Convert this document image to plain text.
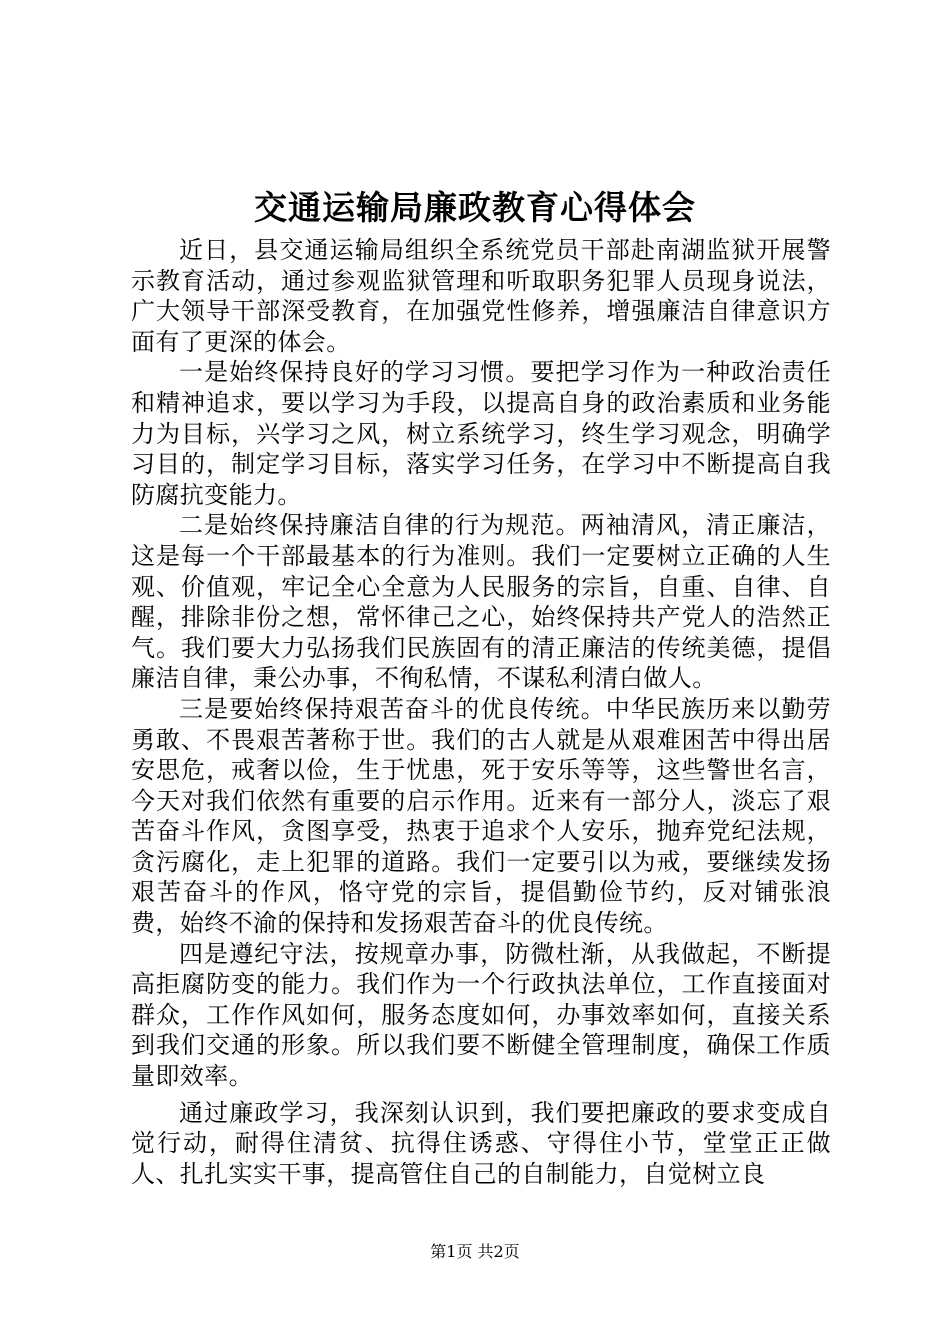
交通运输局廉政教育心得体会

近日，县交通运输局组织全系统党员干部赴南湖监狱开展警示教育活动，通过参观监狱管理和听取职务犯罪人员现身说法，广大领导干部深受教育，在加强党性修养，增强廉洁自律意识方面有了更深的体会。

一是始终保持良好的学习习惯。要把学习作为一种政治责任和精神追求，要以学习为手段，以提高自身的政治素质和业务能力为目标，兴学习之风，树立系统学习，终生学习观念，明确学习目的，制定学习目标，落实学习任务，在学习中不断提高自我防腐抗变能力。

二是始终保持廉洁自律的行为规范。两袖清风，清正廉洁，这是每一个干部最基本的行为准则。我们一定要树立正确的人生观、价值观，牢记全心全意为人民服务的宗旨，自重、自律、自醒，排除非份之想，常怀律己之心，始终保持共产党人的浩然正气。我们要大力弘扬我们民族固有的清正廉洁的传统美德，提倡廉洁自律，秉公办事，不徇私情，不谋私利清白做人。

三是要始终保持艰苦奋斗的优良传统。中华民族历来以勤劳勇敢、不畏艰苦著称于世。我们的古人就是从艰难困苦中得出居安思危，戒奢以俭，生于忧患，死于安乐等等，这些警世名言，今天对我们依然有重要的启示作用。近来有一部分人，淡忘了艰苦奋斗作风，贪图享受，热衷于追求个人安乐，抛弃党纪法规，贪污腐化，走上犯罪的道路。我们一定要引以为戒，要继续发扬艰苦奋斗的作风，恪守党的宗旨，提倡勤俭节约，反对铺张浪费，始终不渝的保持和发扬艰苦奋斗的优良传统。

四是遵纪守法，按规章办事，防微杜渐，从我做起，不断提高拒腐防变的能力。我们作为一个行政执法单位，工作直接面对群众，工作作风如何，服务态度如何，办事效率如何，直接关系到我们交通的形象。所以我们要不断健全管理制度，确保工作质量即效率。

通过廉政学习，我深刻认识到，我们要把廉政的要求变成自觉行动，耐得住清贫、抗得住诱惑、守得住小节，堂堂正正做人、扎扎实实干事，提高管住自己的自制能力，自觉树立良

第1页 共2页
